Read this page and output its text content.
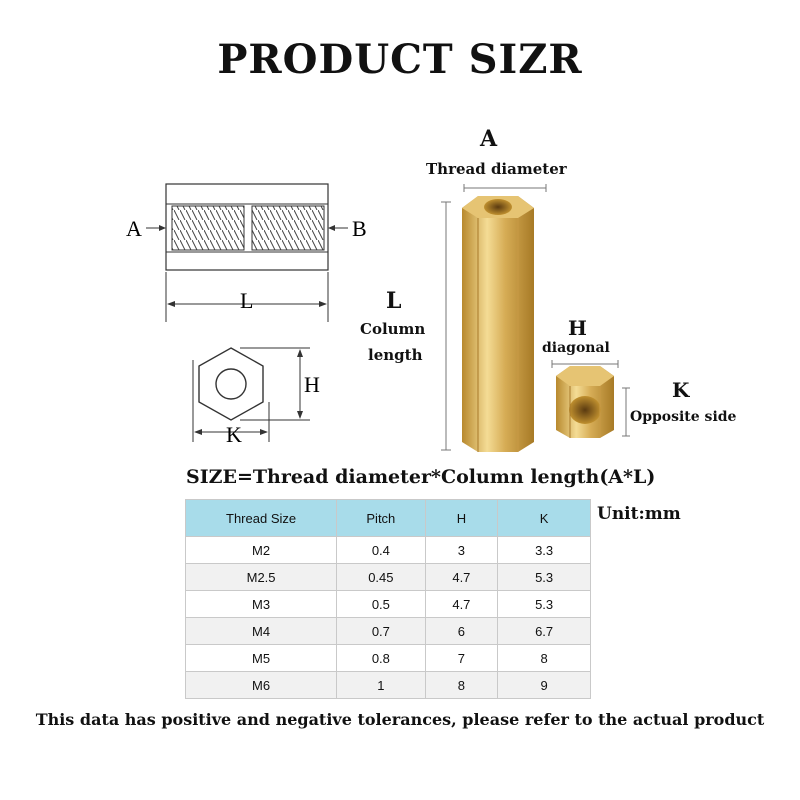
PRODUCT SIZR
A	B
L
H
K
A
Thread diameter
L
Column
length
H
diagonal
K
Opposite side
SIZE=Thread diameter*Column length(A*L)
Unit:mm
Thread Size	Pitch	H	K
M2	0.4	3	3.3
M2.5	0.45	4.7	5.3
M3	0.5	4.7	5.3
M4	0.7	6	6.7
M5	0.8	7	8
M6	1	8	9
This data has positive and negative tolerances, please refer to the actual product
